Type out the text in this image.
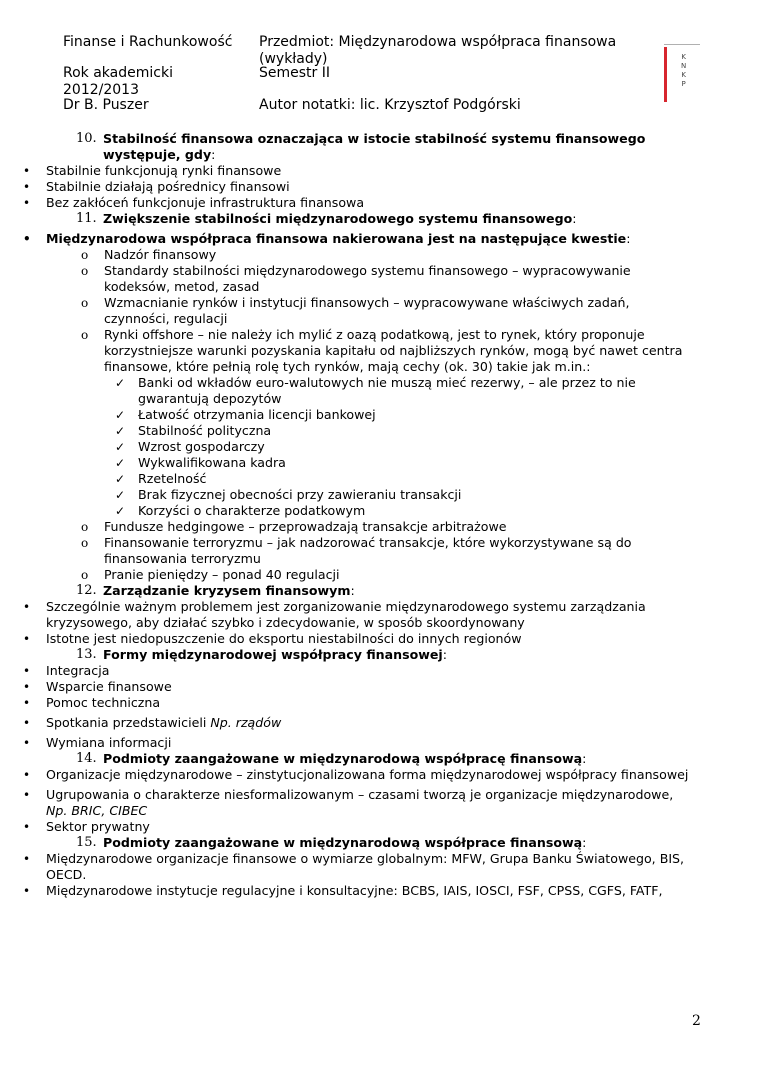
Finanse i Rachunkowość	Przedmiot: Międzynarodowa współpraca finansowa
(wykłady)
Rok akademicki
2012/2013
Semestr II
Dr B. Puszer	Autor notatki: lic. Krzysztof Podgórski
K
N
K
P
10. Stabilność finansowa oznaczająca w istocie stabilność systemu finansowego występuje, gdy:
• Stabilnie funkcjonują rynki finansowe
• Stabilnie działają pośrednicy finansowi
• Bez zakłóceń funkcjonuje infrastruktura finansowa
11. Zwiększenie stabilności międzynarodowego systemu finansowego:
• Międzynarodowa współpraca finansowa nakierowana jest na następujące kwestie:
o Nadzór finansowy
o Standardy stabilności międzynarodowego systemu finansowego – wypracowywanie kodeksów, metod, zasad
o Wzmacnianie rynków i instytucji finansowych – wypracowywane właściwych zadań, czynności, regulacji
o Rynki offshore – nie należy ich mylić z oazą podatkową, jest to rynek, który proponuje korzystniejsze warunki pozyskania kapitału od najbliższych rynków, mogą być nawet centra finansowe, które pełnią rolę tych rynków, mają cechy (ok. 30) takie jak m.in.:
✓ Banki od wkładów euro-walutowych nie muszą mieć rezerwy, – ale przez to nie gwarantują depozytów
✓ Łatwość otrzymania licencji bankowej
✓ Stabilność polityczna
✓ Wzrost gospodarczy
✓ Wykwalifikowana kadra
✓ Rzetelność
✓ Brak fizycznej obecności przy zawieraniu transakcji
✓ Korzyści o charakterze podatkowym
o Fundusze hedgingowe – przeprowadzają transakcje arbitrażowe
o Finansowanie terroryzmu – jak nadzorować transakcje, które wykorzystywane są do finansowania terroryzmu
o Pranie pieniędzy – ponad 40 regulacji
12. Zarządzanie kryzysem finansowym:
• Szczególnie ważnym problemem jest zorganizowanie międzynarodowego systemu zarządzania kryzysowego, aby działać szybko i zdecydowanie, w sposób skoordynowany
• Istotne jest niedopuszczenie do eksportu niestabilności do innych regionów
13. Formy międzynarodowej współpracy finansowej:
• Integracja
• Wsparcie finansowe
• Pomoc techniczna
• Spotkania przedstawicieli Np. rządów
• Wymiana informacji
14. Podmioty zaangażowane w międzynarodową współpracę finansową:
• Organizacje międzynarodowe – zinstytucjonalizowana forma międzynarodowej współpracy finansowej
• Ugrupowania o charakterze niesformalizowanym – czasami tworzą je organizacje międzynarodowe, Np. BRIC, CIBEC
• Sektor prywatny
15. Podmioty zaangażowane w międzynarodową współprace finansową:
• Międzynarodowe organizacje finansowe o wymiarze globalnym: MFW, Grupa Banku Światowego, BIS, OECD.
• Międzynarodowe instytucje regulacyjne i konsultacyjne: BCBS, IAIS, IOSCI, FSF, CPSS, CGFS, FATF,
2
